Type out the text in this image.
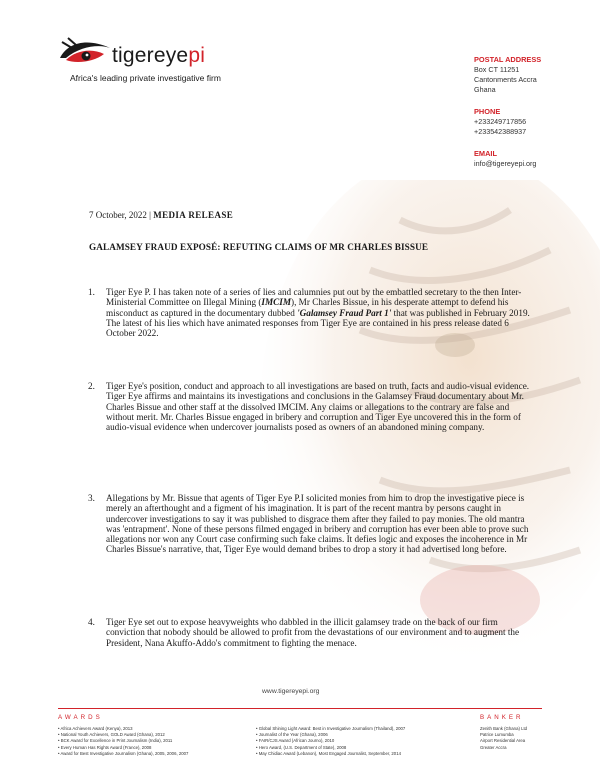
tigereyepi
Africa's leading private investigative firm
POSTAL ADDRESS
Box CT 11251
Cantonments Accra
Ghana
PHONE
+233249717856
+233542388937
EMAIL
info@tigereyepi.org
7 October, 2022 | MEDIA RELEASE
GALAMSEY FRAUD EXPOSÉ: REFUTING CLAIMS OF MR CHARLES BISSUE
1. Tiger Eye P. I has taken note of a series of lies and calumnies put out by the embattled secretary to the then Inter-Ministerial Committee on Illegal Mining (IMCIM), Mr Charles Bissue, in his desperate attempt to defend his misconduct as captured in the documentary dubbed 'Galamsey Fraud Part 1' that was published in February 2019. The latest of his lies which have animated responses from Tiger Eye are contained in his press release dated 6 October 2022.
2. Tiger Eye's position, conduct and approach to all investigations are based on truth, facts and audio-visual evidence. Tiger Eye affirms and maintains its investigations and conclusions in the Galamsey Fraud documentary about Mr. Charles Bissue and other staff at the dissolved IMCIM. Any claims or allegations to the contrary are false and without merit. Mr. Charles Bissue engaged in bribery and corruption and Tiger Eye uncovered this in the form of audio-visual evidence when undercover journalists posed as owners of an abandoned mining company.
3. Allegations by Mr. Bissue that agents of Tiger Eye P.I solicited monies from him to drop the investigative piece is merely an afterthought and a figment of his imagination. It is part of the recent mantra by persons caught in undercover investigations to say it was published to disgrace them after they failed to pay monies. The old mantra was 'entrapment'. None of these persons filmed engaged in bribery and corruption has ever been able to prove such allegations nor won any Court case confirming such fake claims. It defies logic and exposes the incoherence in Mr Charles Bissue's narrative, that, Tiger Eye would demand bribes to drop a story it had advertised long before.
4. Tiger Eye set out to expose heavyweights who dabbled in the illicit galamsey trade on the back of our firm conviction that nobody should be allowed to profit from the devastations of our environment and to augment the President, Nana Akuffo-Addo's commitment to fighting the menace.
www.tigereyepi.org
AWARDS	BANKER
• Africa Achievers Award (Kenya), 2013
• National Youth Achievers, GOLD Award (Ghana), 2012
• BCK Award for Excellence in Print Journalism (India), 2011
• Every Human Has Rights Award (France), 2008
• Award for Best Investigative Journalism (Ghana), 2005, 2006, 2007
• Global Shining Light Award: Best in Investigative Journalism (Thailand), 2007
• Journalist of the Year (Ghana), 2006
• FAIR/CJS Award (African Journo), 2010
• Hero Award, (U.S. Department of State), 2008
• May Chidiac Award (Lebanon), Most Engaged Journalist, September, 2014
Zenith Bank (Ghana) Ltd
Patrice Lumumba
Airport Residential Area
Greater Accra
